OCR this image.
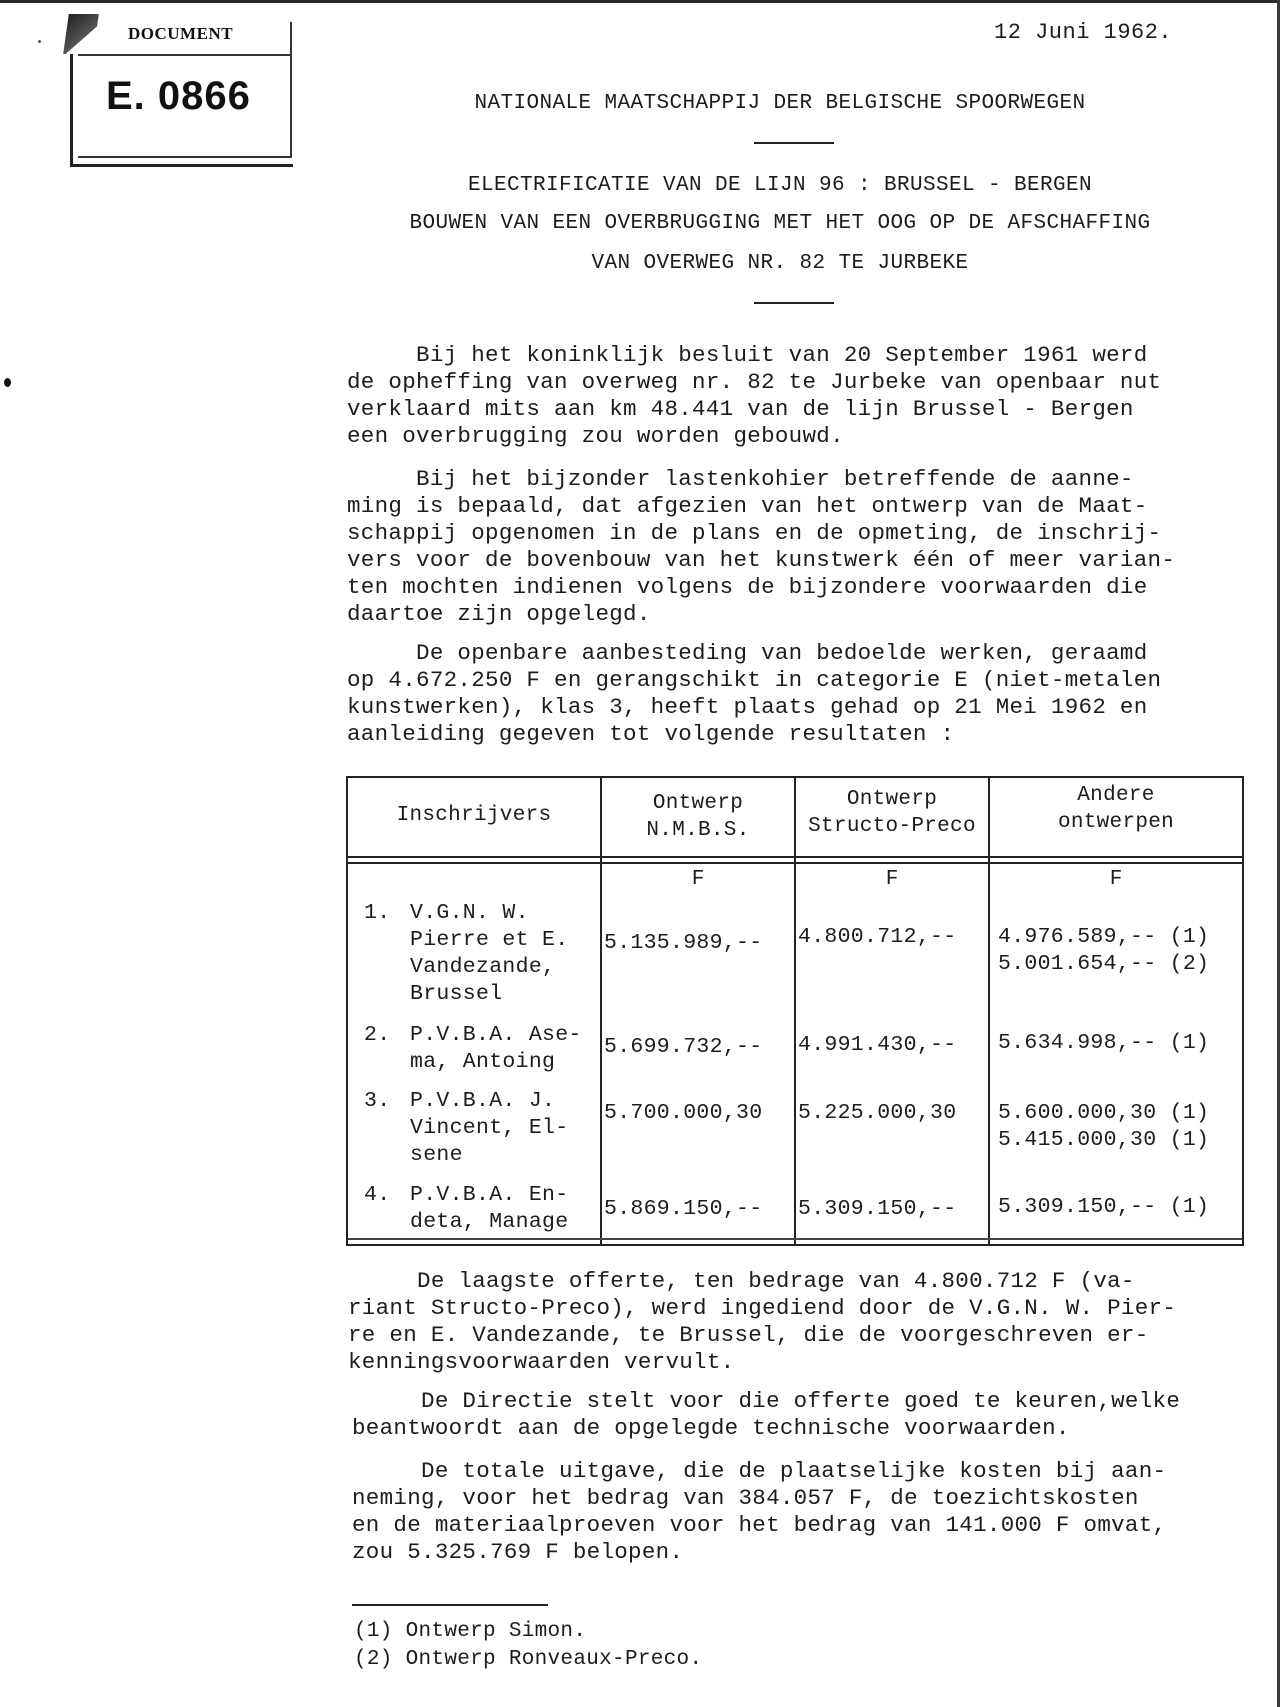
DOCUMENT
E. 0866
12 Juni 1962.
NATIONALE MAATSCHAPPIJ DER BELGISCHE SPOORWEGEN
ELECTRIFICATIE VAN DE LIJN 96 : BRUSSEL - BERGEN
BOUWEN VAN EEN OVERBRUGGING MET HET OOG OP DE AFSCHAFFING
VAN OVERWEG NR. 82 TE JURBEKE

Bij het koninklijk besluit van 20 September 1961 werd

de opheffing van overweg nr. 82 te Jurbeke van openbaar nut

verklaard mits aan km 48.441 van de lijn Brussel - Bergen

een overbrugging zou worden gebouwd.

Bij het bijzonder lastenkohier betreffende de aanne-

ming is bepaald, dat afgezien van het ontwerp van de Maat-

schappij opgenomen in de plans en de opmeting, de inschrij-

vers voor de bovenbouw van het kunstwerk één of meer varian-

ten mochten indienen volgens de bijzondere voorwaarden die

daartoe zijn opgelegd.

De openbare aanbesteding van bedoelde werken, geraamd

op 4.672.250 F en gerangschikt in categorie E (niet-metalen

kunstwerken), klas 3, heeft plaats gehad op 21 Mei 1962 en

aanleiding gegeven tot volgende resultaten :

Inschrijvers
Ontwerp
N.M.B.S.
Ontwerp
Structo-Preco
Andere
ontwerpen
F	F	F
1. V.G.N. W.
Pierre et E.
Vandezande,
Brussel
5.135.989,-- 4.800.712,-- 4.976.589,-- (1)
5.001.654,-- (2)
2. P.V.B.A. Ase-
ma, Antoing
5.699.732,-- 4.991.430,-- 5.634.998,-- (1)
3. P.V.B.A. J.
Vincent, El-
sene
5.700.000,30 5.225.000,30 5.600.000,30 (1)
5.415.000,30 (1)
4. P.V.B.A. En-
deta, Manage
5.869.150,-- 5.309.150,-- 5.309.150,-- (1)

De laagste offerte, ten bedrage van 4.800.712 F (va-

riant Structo-Preco), werd ingediend door de V.G.N. W. Pier-

re en E. Vandezande, te Brussel, die de voorgeschreven er-

kenningsvoorwaarden vervult.

De Directie stelt voor die offerte goed te keuren,welke

beantwoordt aan de opgelegde technische voorwaarden.

De totale uitgave, die de plaatselijke kosten bij aan-

neming, voor het bedrag van 384.057 F, de toezichtskosten

en de materiaalproeven voor het bedrag van 141.000 F omvat,

zou 5.325.769 F belopen.

(1) Ontwerp Simon.
(2) Ontwerp Ronveaux-Preco.
